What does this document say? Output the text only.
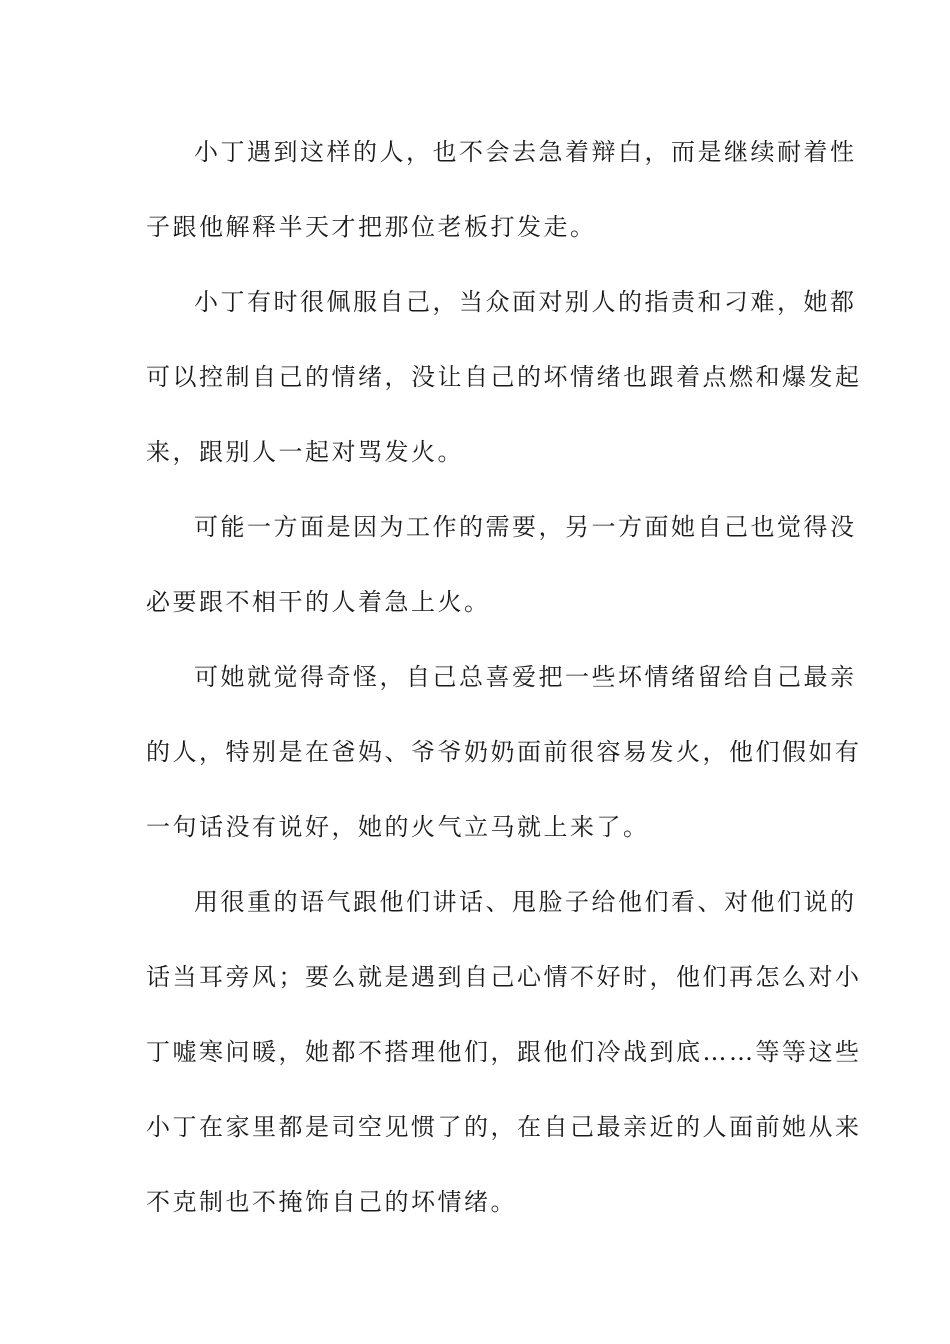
小丁遇到这样的人，也不会去急着辩白，而是继续耐着性
子跟他解释半天才把那位老板打发走。
小丁有时很佩服自己，当众面对别人的指责和刁难，她都
可以控制自己的情绪，没让自己的坏情绪也跟着点燃和爆发起
来，跟别人一起对骂发火。
可能一方面是因为工作的需要，另一方面她自己也觉得没
必要跟不相干的人着急上火。
可她就觉得奇怪，自己总喜爱把一些坏情绪留给自己最亲
的人，特别是在爸妈、爷爷奶奶面前很容易发火，他们假如有
一句话没有说好，她的火气立马就上来了。
用很重的语气跟他们讲话、甩脸子给他们看、对他们说的
话当耳旁风；要么就是遇到自己心情不好时，他们再怎么对小
丁嘘寒问暖，她都不搭理他们，跟他们冷战到底……等等这些
小丁在家里都是司空见惯了的，在自己最亲近的人面前她从来
不克制也不掩饰自己的坏情绪。
